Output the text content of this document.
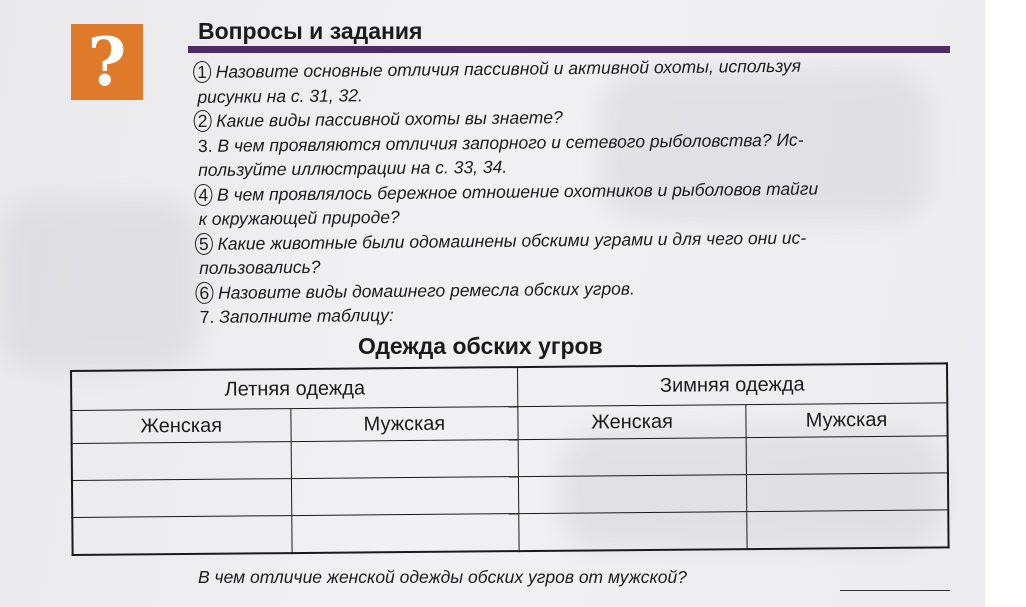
?	Вопросы и задания
1 Назовите основные отличия пассивной и активной охоты, используя
рисунки на с. 31, 32.
2 Какие виды пассивной охоты вы знаете?
3. В чем проявляются отличия запорного и сетевого рыболовства? Ис-
пользуйте иллюстрации на с. 33, 34.
4 В чем проявлялось бережное отношение охотников и рыболовов тайги
к окружающей природе?
5 Какие животные были одомашнены обскими уграми и для чего они ис-
пользовались?
6 Назовите виды домашнего ремесла обских угров.
7. Заполните таблицу:
Одежда обских угров
Летняя одежда		Зимняя одежда	
Женская	Мужская	Женская	Мужская

В чем отличие женской одежды обских угров от мужской?
